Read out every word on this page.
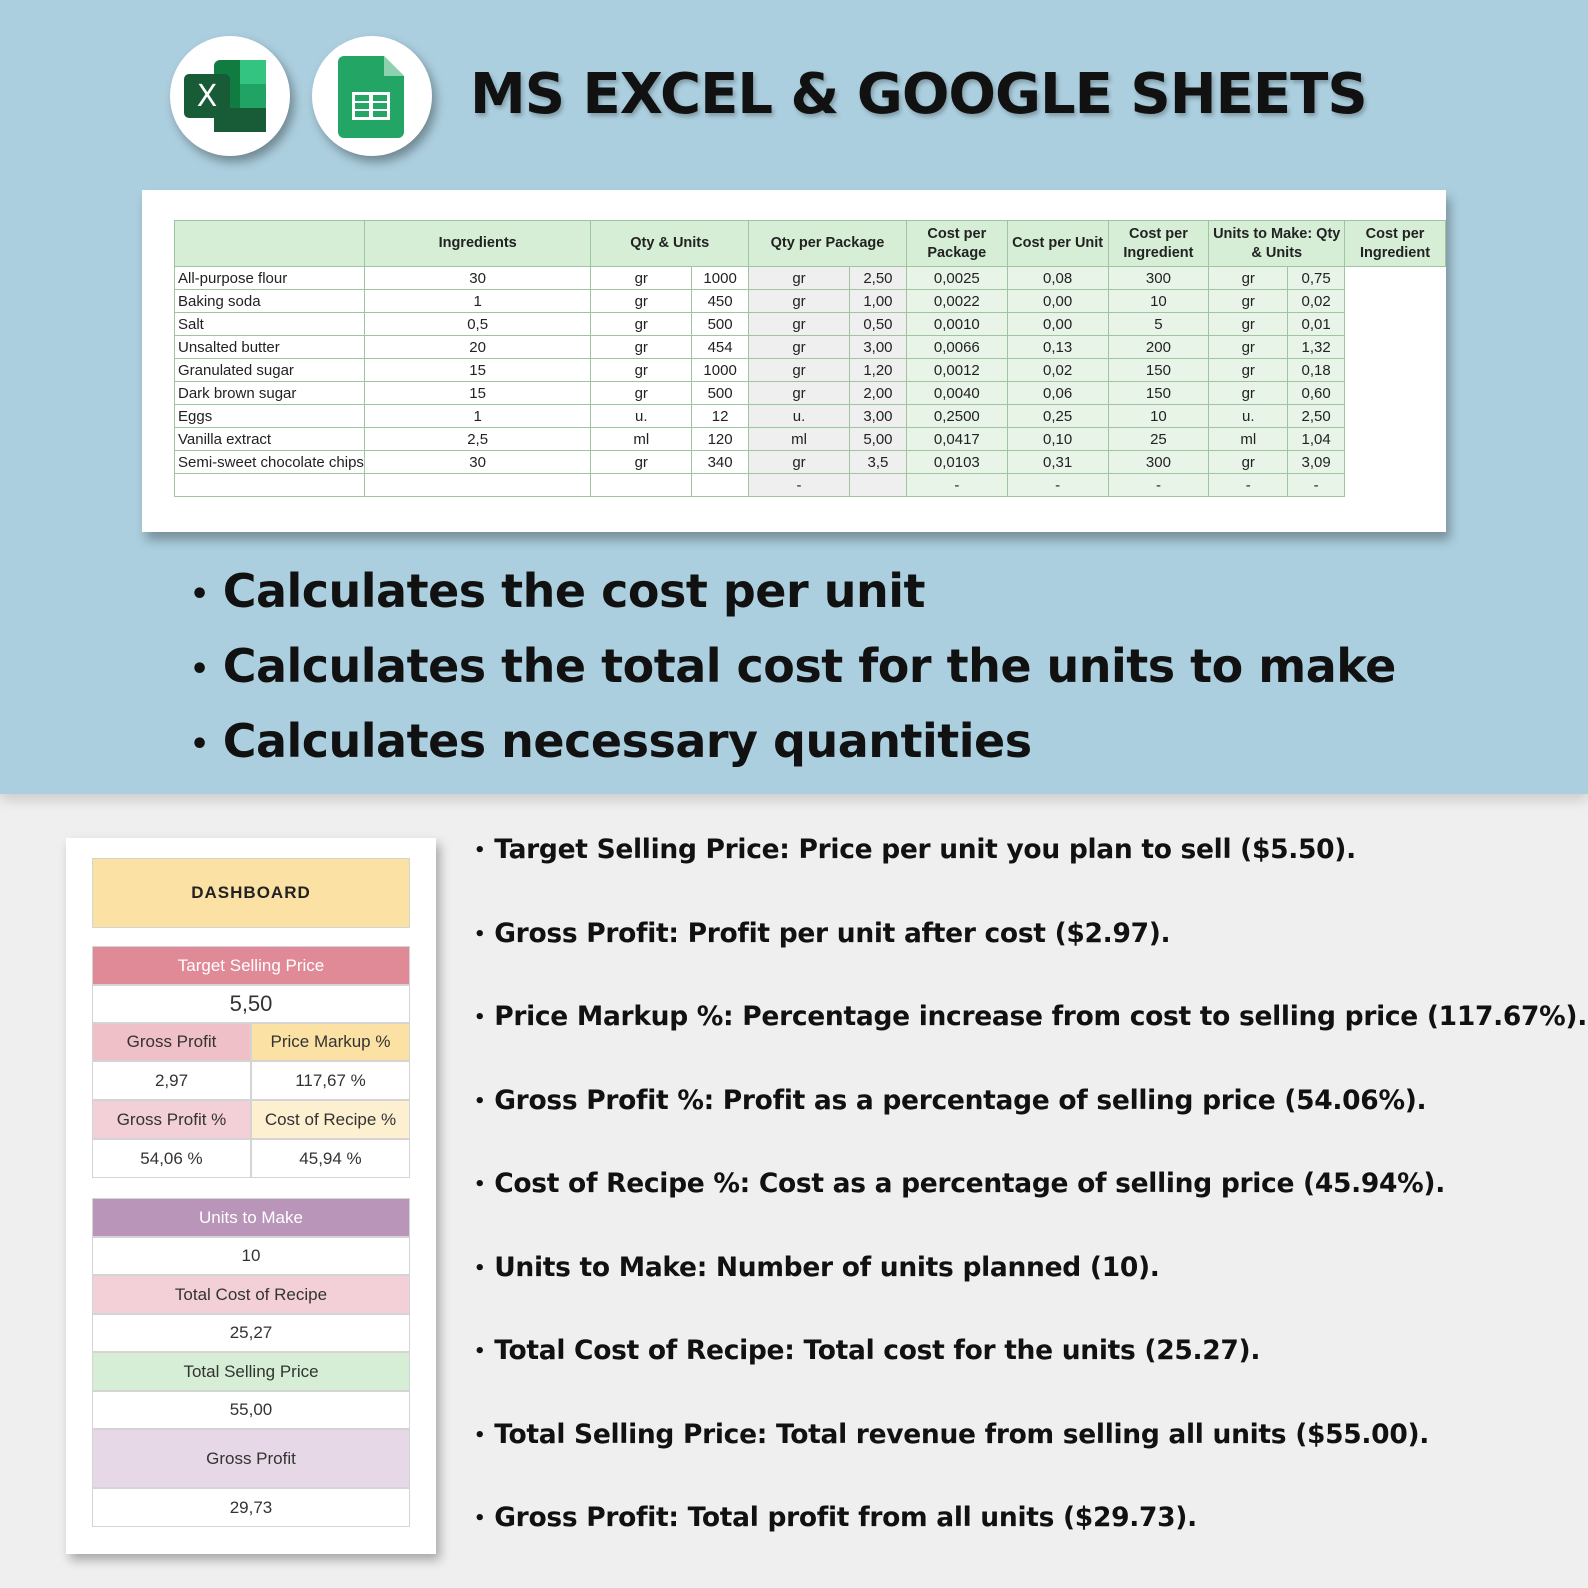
X	MS EXCEL & GOOGLE SHEETS
	Ingredients	Qty & Units		Qty per Package		Cost per Package	Cost per Unit	Cost per Ingredient	Units to Make: Qty & Units		Cost per Ingredient
All-purpose flour	30	gr	1000	gr	2,50	0,0025	0,08	300	gr	0,75	
Baking soda	1	gr	450	gr	1,00	0,0022	0,00	10	gr	0,02	
Salt	0,5	gr	500	gr	0,50	0,0010	0,00	5	gr	0,01	
Unsalted butter	20	gr	454	gr	3,00	0,0066	0,13	200	gr	1,32	
Granulated sugar	15	gr	1000	gr	1,20	0,0012	0,02	150	gr	0,18	
Dark brown sugar	15	gr	500	gr	2,00	0,0040	0,06	150	gr	0,60	
Eggs	1	u.	12	u.	3,00	0,2500	0,25	10	u.	2,50	
Vanilla extract	2,5	ml	120	ml	5,00	0,0417	0,10	25	ml	1,04	
Semi-sweet chocolate chips	30	gr	340	gr	3,5	0,0103	0,31	300	gr	3,09	
				-		-	-	-	-	-	
• Calculates the cost per unit
• Calculates the total cost for the units to make
• Calculates necessary quantities
DASHBOARD
Target Selling Price
5,50
Gross Profit	Price Markup %
2,97	117,67 %
Gross Profit %	Cost of Recipe %
54,06 %	45,94 %
Units to Make
10
Total Cost of Recipe
25,27
Total Selling Price
55,00
Gross Profit
29,73
• Target Selling Price: Price per unit you plan to sell ($5.50).
• Gross Profit: Profit per unit after cost ($2.97).
• Price Markup %: Percentage increase from cost to selling price (117.67%).
• Gross Profit %: Profit as a percentage of selling price (54.06%).
• Cost of Recipe %: Cost as a percentage of selling price (45.94%).
• Units to Make: Number of units planned (10).
• Total Cost of Recipe: Total cost for the units (25.27).
• Total Selling Price: Total revenue from selling all units ($55.00).
• Gross Profit: Total profit from all units ($29.73).
